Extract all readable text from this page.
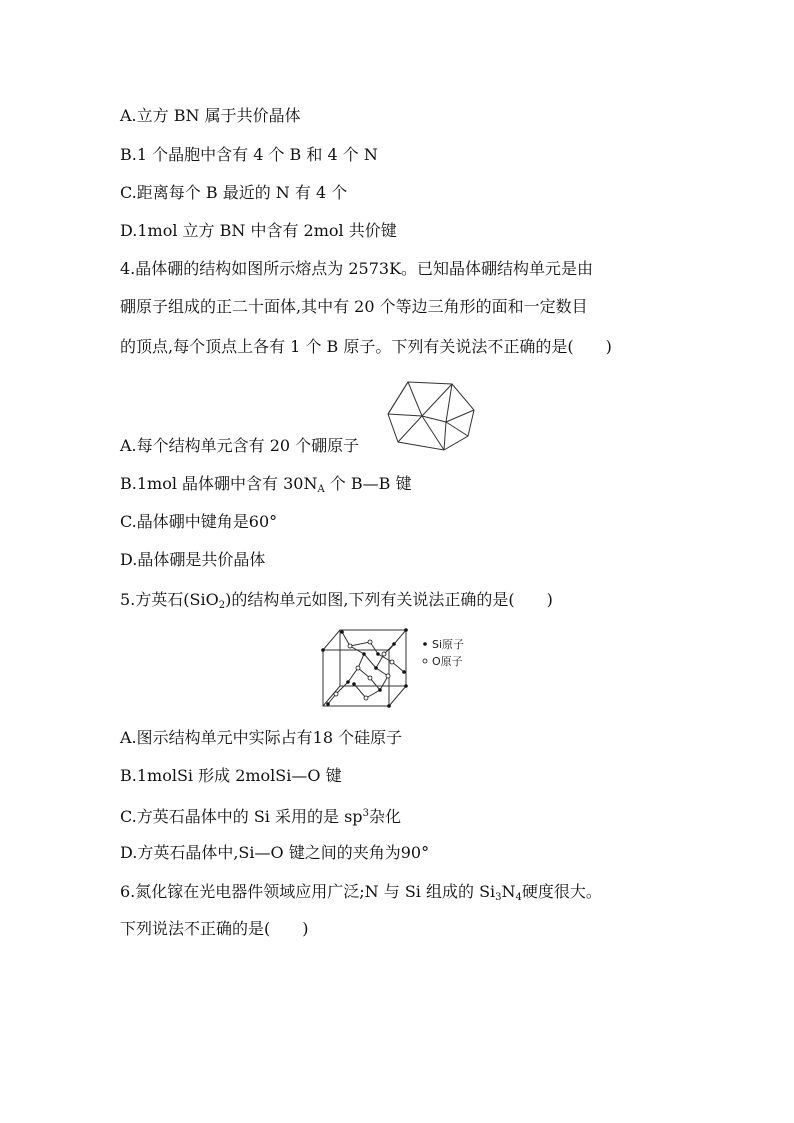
A.立方 BN 属于共价晶体
B.1 个晶胞中含有 4 个 B 和 4 个 N
C.距离每个 B 最近的 N 有 4 个
D.1mol 立方 BN 中含有 2mol 共价键
4.晶体硼的结构如图所示熔点为 2573K。已知晶体硼结构单元是由
硼原子组成的正二十面体,其中有 20 个等边三角形的面和一定数目
的顶点,每个顶点上各有 1 个 B 原子。下列有关说法不正确的是(　　)
A.每个结构单元含有 20 个硼原子
B.1mol 晶体硼中含有 $30N_A$ 个 B—B 键
C.晶体硼中键角是60°
D.晶体硼是共价晶体
5.方英石(SiO$_2$)的结构单元如图,下列有关说法正确的是(　　)
Si原子
O原子
A.图示结构单元中实际占有18 个硅原子
B.1molSi 形成 2molSi—O 键
C.方英石晶体中的 Si 采用的是 $sp^3$杂化
D.方英石晶体中,Si—O 键之间的夹角为90°
6.氮化镓在光电器件领域应用广泛;N 与 Si 组成的 $Si_3N_4$硬度很大。
下列说法不正确的是(　　)
